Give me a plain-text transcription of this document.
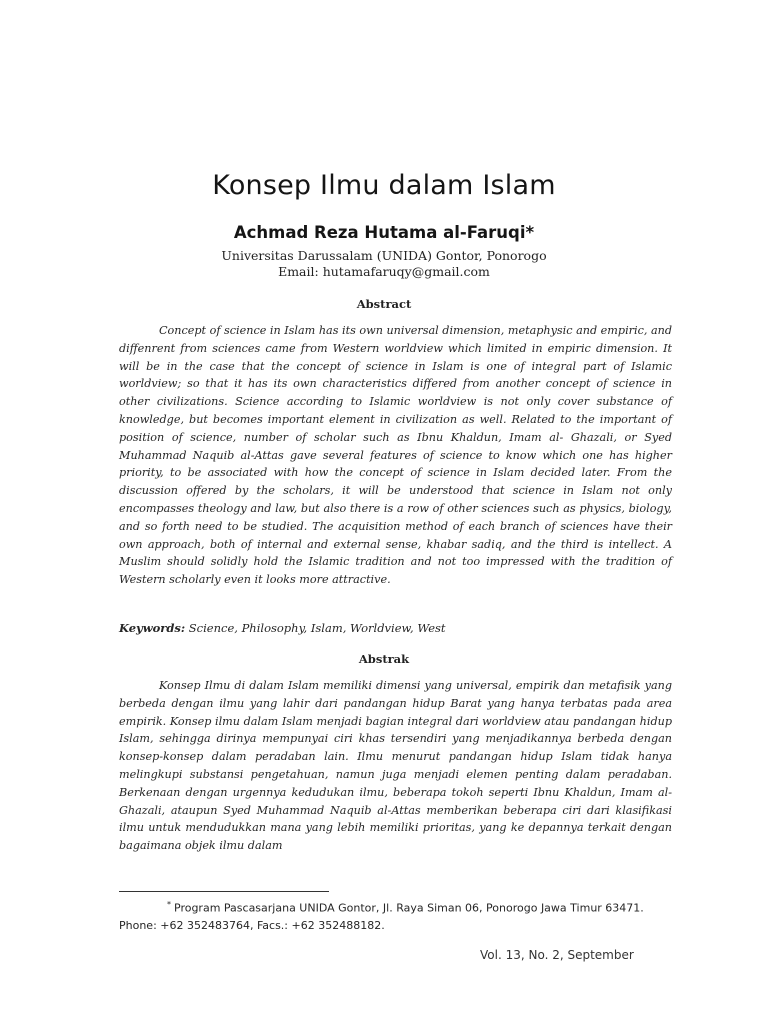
Konsep Ilmu dalam Islam
Achmad Reza Hutama al-Faruqi*
Universitas Darussalam (UNIDA) Gontor, Ponorogo
Email: hutamafaruqy@gmail.com
Abstract
Concept of science in Islam has its own universal dimension, metaphysic and empiric, and diffenrent from sciences came from Western worldview which limited in empiric dimension. It will be in the case that the concept of science in Islam is one of integral part of Islamic worldview; so that it has its own characteristics differed from another concept of science in other civilizations. Science according to Islamic worldview is not only cover substance of knowledge, but becomes important element in civilization as well. Related to the important of position of science, number of scholar such as Ibnu Khaldun, Imam al- Ghazali, or Syed Muhammad Naquib al-Attas gave several features of science to know which one has higher priority, to be associated with how the concept of science in Islam decided later. From the discussion offered by the scholars, it will be understood that science in Islam not only encompasses theology and law, but also there is a row of other sciences such as physics, biology, and so forth need to be studied. The acquisition method of each branch of sciences have their own approach, both of internal and external sense, khabar sadiq, and the third is intellect. A Muslim should solidly hold the Islamic tradition and not too impressed with the tradition of Western scholarly even it looks more attractive.
Keywords: Science, Philosophy, Islam, Worldview, West
Abstrak
Konsep Ilmu di dalam Islam memiliki dimensi yang universal, empirik dan metafisik yang berbeda dengan ilmu yang lahir dari pandangan hidup Barat yang hanya terbatas pada area empirik. Konsep ilmu dalam Islam menjadi bagian integral dari worldview atau pandangan hidup Islam, sehingga dirinya mempunyai ciri khas tersendiri yang menjadikannya berbeda dengan konsep-konsep dalam peradaban lain. Ilmu menurut pandangan hidup Islam tidak hanya melingkupi substansi pengetahuan, namun juga menjadi elemen penting dalam peradaban. Berkenaan dengan urgennya kedudukan ilmu, beberapa tokoh seperti Ibnu Khaldun, Imam al-Ghazali, ataupun Syed Muhammad Naquib al-Attas memberikan beberapa ciri dari klasifikasi ilmu untuk mendudukkan mana yang lebih memiliki prioritas, yang ke depannya terkait dengan bagaimana objek ilmu dalam
* Program Pascasarjana UNIDA Gontor, Jl. Raya Siman 06, Ponorogo Jawa Timur 63471. Phone: +62 352483764, Facs.: +62 352488182.
Vol. 13, No. 2, September
